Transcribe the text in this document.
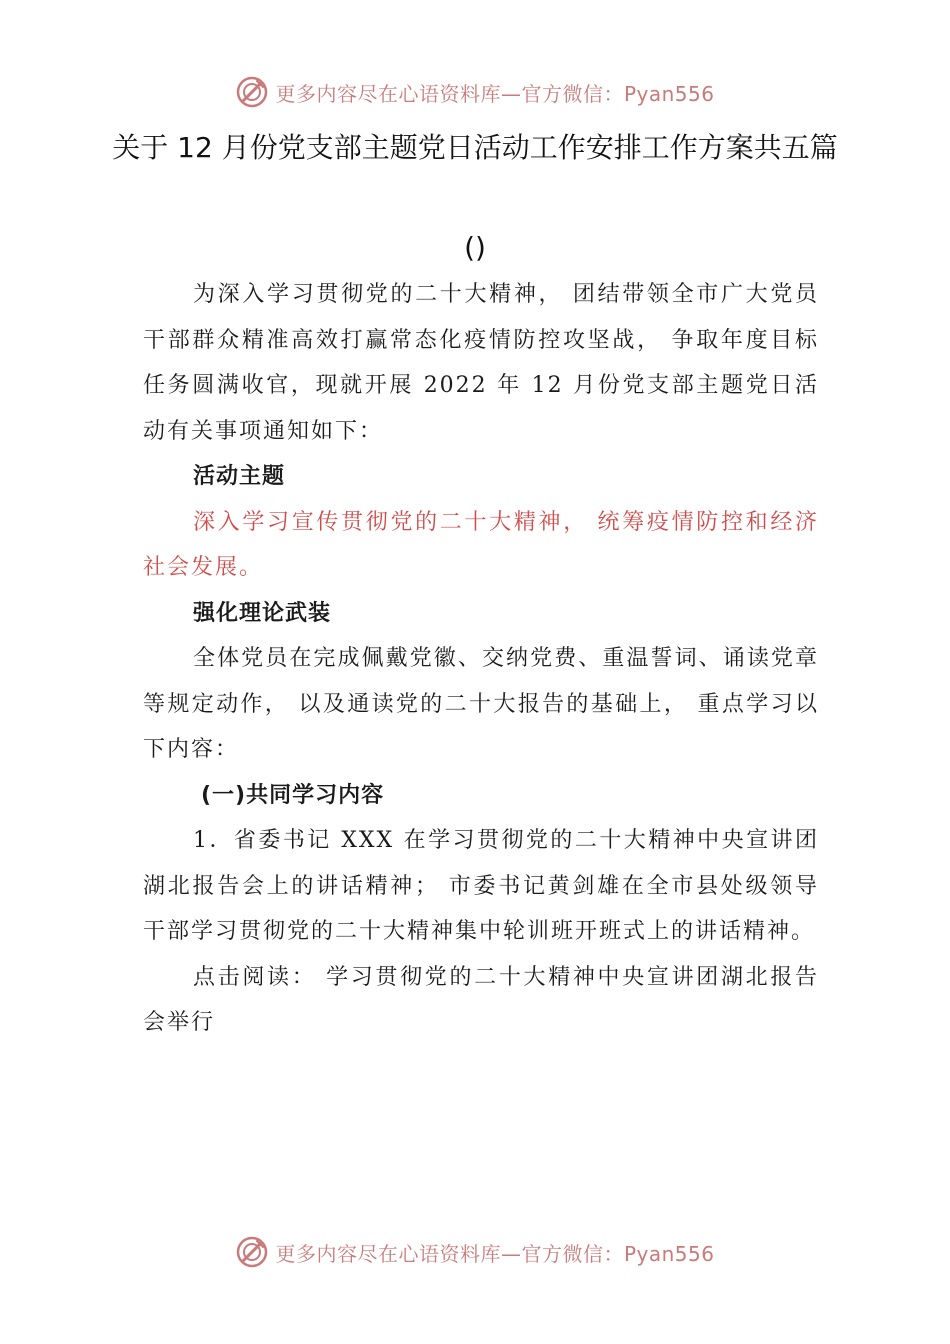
更多内容尽在心语资料库—官方微信：Pyan556
关于 12 月份党支部主题党日活动工作安排工作方案共五篇
()

为深入学习贯彻党的二十大精神， 团结带领全市广大党员干部群众精准高效打赢常态化疫情防控攻坚战， 争取年度目标任务圆满收官，现就开展 2022 年 12 月份党支部主题党日活动有关事项通知如下：

活动主题

深入学习宣传贯彻党的二十大精神， 统筹疫情防控和经济社会发展。

强化理论武装

全体党员在完成佩戴党徽、交纳党费、重温誓词、诵读党章等规定动作， 以及通读党的二十大报告的基础上， 重点学习以下内容：

(一)共同学习内容

1．省委书记 XXX 在学习贯彻党的二十大精神中央宣讲团湖北报告会上的讲话精神； 市委书记黄剑雄在全市县处级领导干部学习贯彻党的二十大精神集中轮训班开班式上的讲话精神。

点击阅读： 学习贯彻党的二十大精神中央宣讲团湖北报告会举行

更多内容尽在心语资料库—官方微信：Pyan556
